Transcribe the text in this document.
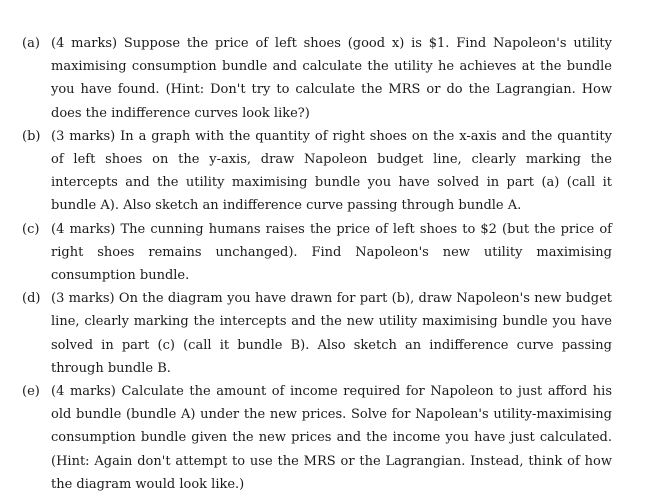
(a) (4 marks) Suppose the price of left shoes (good x) is $1. Find Napoleon's utility maximising consumption bundle and calculate the utility he achieves at the bundle you have found. (Hint: Don't try to calculate the MRS or do the Lagrangian. How does the indifference curves look like?)
(b) (3 marks) In a graph with the quantity of right shoes on the x-axis and the quantity of left shoes on the y-axis, draw Napoleon budget line, clearly marking the intercepts and the utility maximising bundle you have solved in part (a) (call it bundle A). Also sketch an indifference curve passing through bundle A.
(c) (4 marks) The cunning humans raises the price of left shoes to $2 (but the price of right shoes remains unchanged). Find Napoleon's new utility maximising consumption bundle.
(d) (3 marks) On the diagram you have drawn for part (b), draw Napoleon's new budget line, clearly marking the intercepts and the new utility maximising bundle you have solved in part (c) (call it bundle B). Also sketch an indifference curve passing through bundle B.
(e) (4 marks) Calculate the amount of income required for Napoleon to just afford his old bundle (bundle A) under the new prices. Solve for Napolean's utility-maximising consumption bundle given the new prices and the income you have just calculated. (Hint: Again don't attempt to use the MRS or the Lagrangian. Instead, think of how the diagram would look like.)
